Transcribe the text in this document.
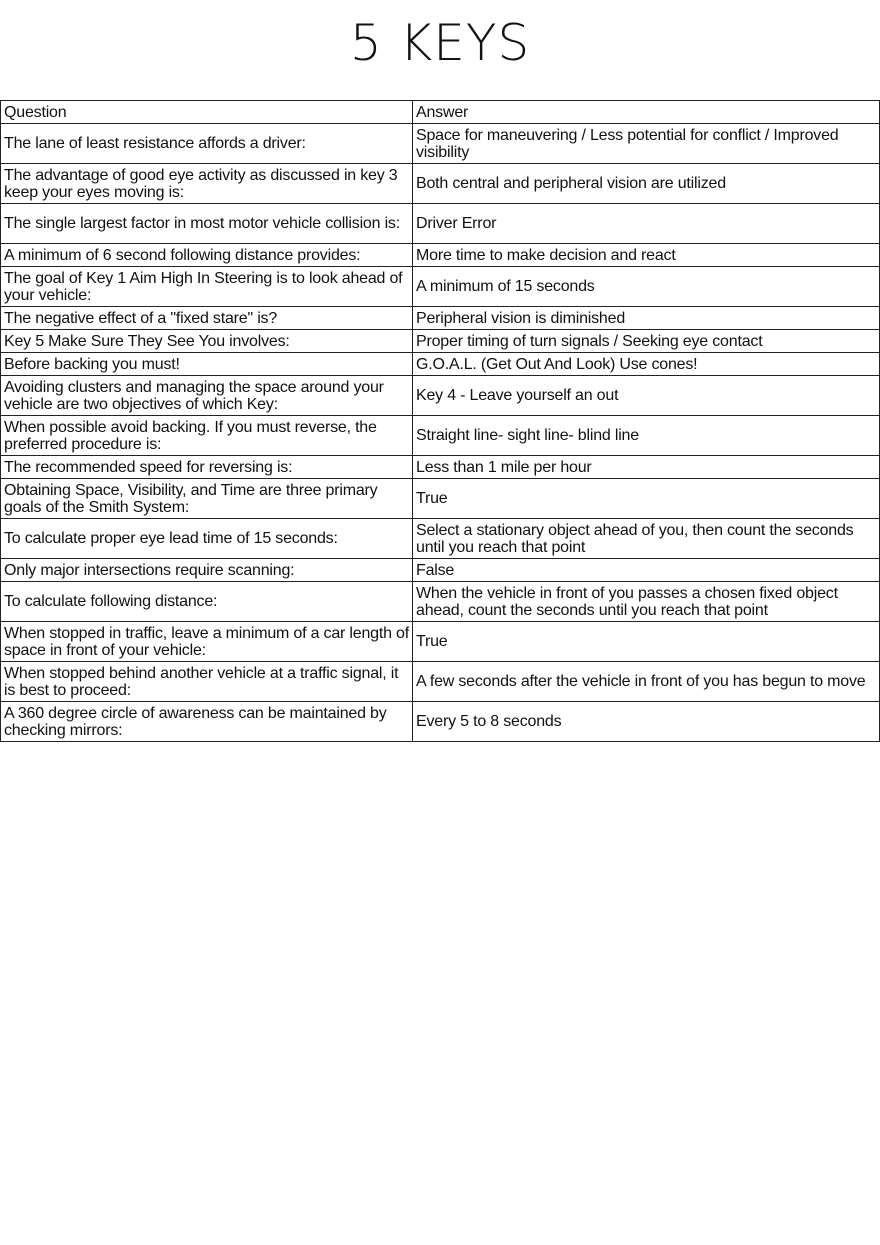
5 KEYS
Question	Answer
The lane of least resistance affords a driver:	Space for maneuvering / Less potential for conflict / Improved visibility
The advantage of good eye activity as discussed in key 3 keep your eyes moving is:	Both central and peripheral vision are utilized
The single largest factor in most motor vehicle collision is:	Driver Error
A minimum of 6 second following distance provides:	More time to make decision and react
The goal of Key 1 Aim High In Steering is to look ahead of your vehicle:	A minimum of 15 seconds
The negative effect of a "fixed stare" is?	Peripheral vision is diminished
Key 5 Make Sure They See You involves:	Proper timing of turn signals / Seeking eye contact
Before backing you must!	G.O.A.L. (Get Out And Look) Use cones!
Avoiding clusters and managing the space around your vehicle are two objectives of which Key:	Key 4 - Leave yourself an out
When possible avoid backing. If you must reverse, the preferred procedure is:	Straight line- sight line- blind line
The recommended speed for reversing is:	Less than 1 mile per hour
Obtaining Space, Visibility, and Time are three primary goals of the Smith System:	True
To calculate proper eye lead time of 15 seconds:	Select a stationary object ahead of you, then count the seconds until you reach that point
Only major intersections require scanning:	False
To calculate following distance:	When the vehicle in front of you passes a chosen fixed object ahead, count the seconds until you reach that point
When stopped in traffic, leave a minimum of a car length of space in front of your vehicle:	True
When stopped behind another vehicle at a traffic signal, it is best to proceed:	A few seconds after the vehicle in front of you has begun to move
A 360 degree circle of awareness can be maintained by checking mirrors:	Every 5 to 8 seconds
